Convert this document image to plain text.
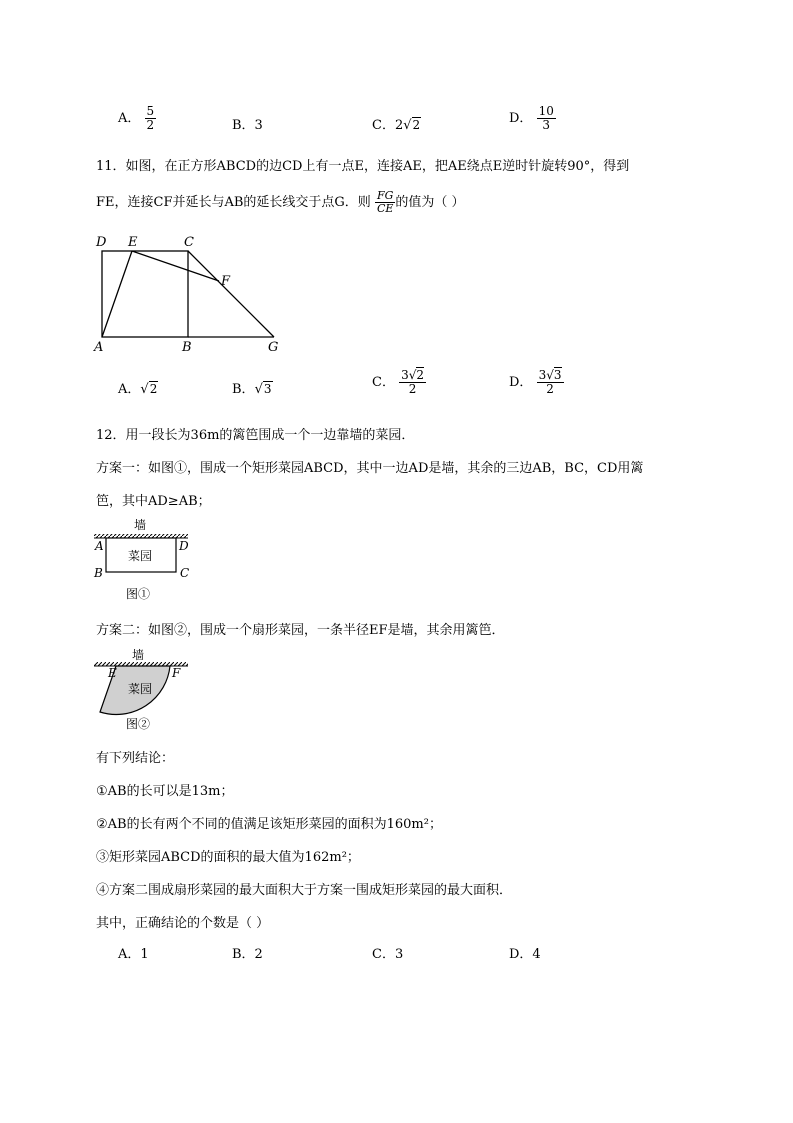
A． $\frac{5}{2}$	B．3	C．2√2	D． $\frac{10}{3}$
11．如图，在正方形ABCD的边CD上有一点E，连接AE，把AE绕点E逆时针旋转90°，得到
FE，连接CF并延长与AB的延长线交于点G．则 $\frac{FG}{CE}$ 的值为（ ）
D E	C
F
A	B	G
A．√2	B．√3	C． $\frac{3√2}{2}$	D． $\frac{3√3}{2}$
12．用一段长为36m的篱笆围成一个一边靠墙的菜园．
方案一：如图①，围成一个矩形菜园ABCD，其中一边AD是墙，其余的三边AB，BC，CD用篱
笆，其中AD≥AB；
墙
菜园
A	D
B	C
图①
方案二：如图②，围成一个扇形菜园，一条半径EF是墙，其余用篱笆．
墙
菜园
E	F
图②
有下列结论：
①AB的长可以是13m；
②AB的长有两个不同的值满足该矩形菜园的面积为160m²；
③矩形菜园ABCD的面积的最大值为162m²；
④方案二围成扇形菜园的最大面积大于方案一围成矩形菜园的最大面积．
其中，正确结论的个数是（ ）
A．1	B．2	C．3	D．4
